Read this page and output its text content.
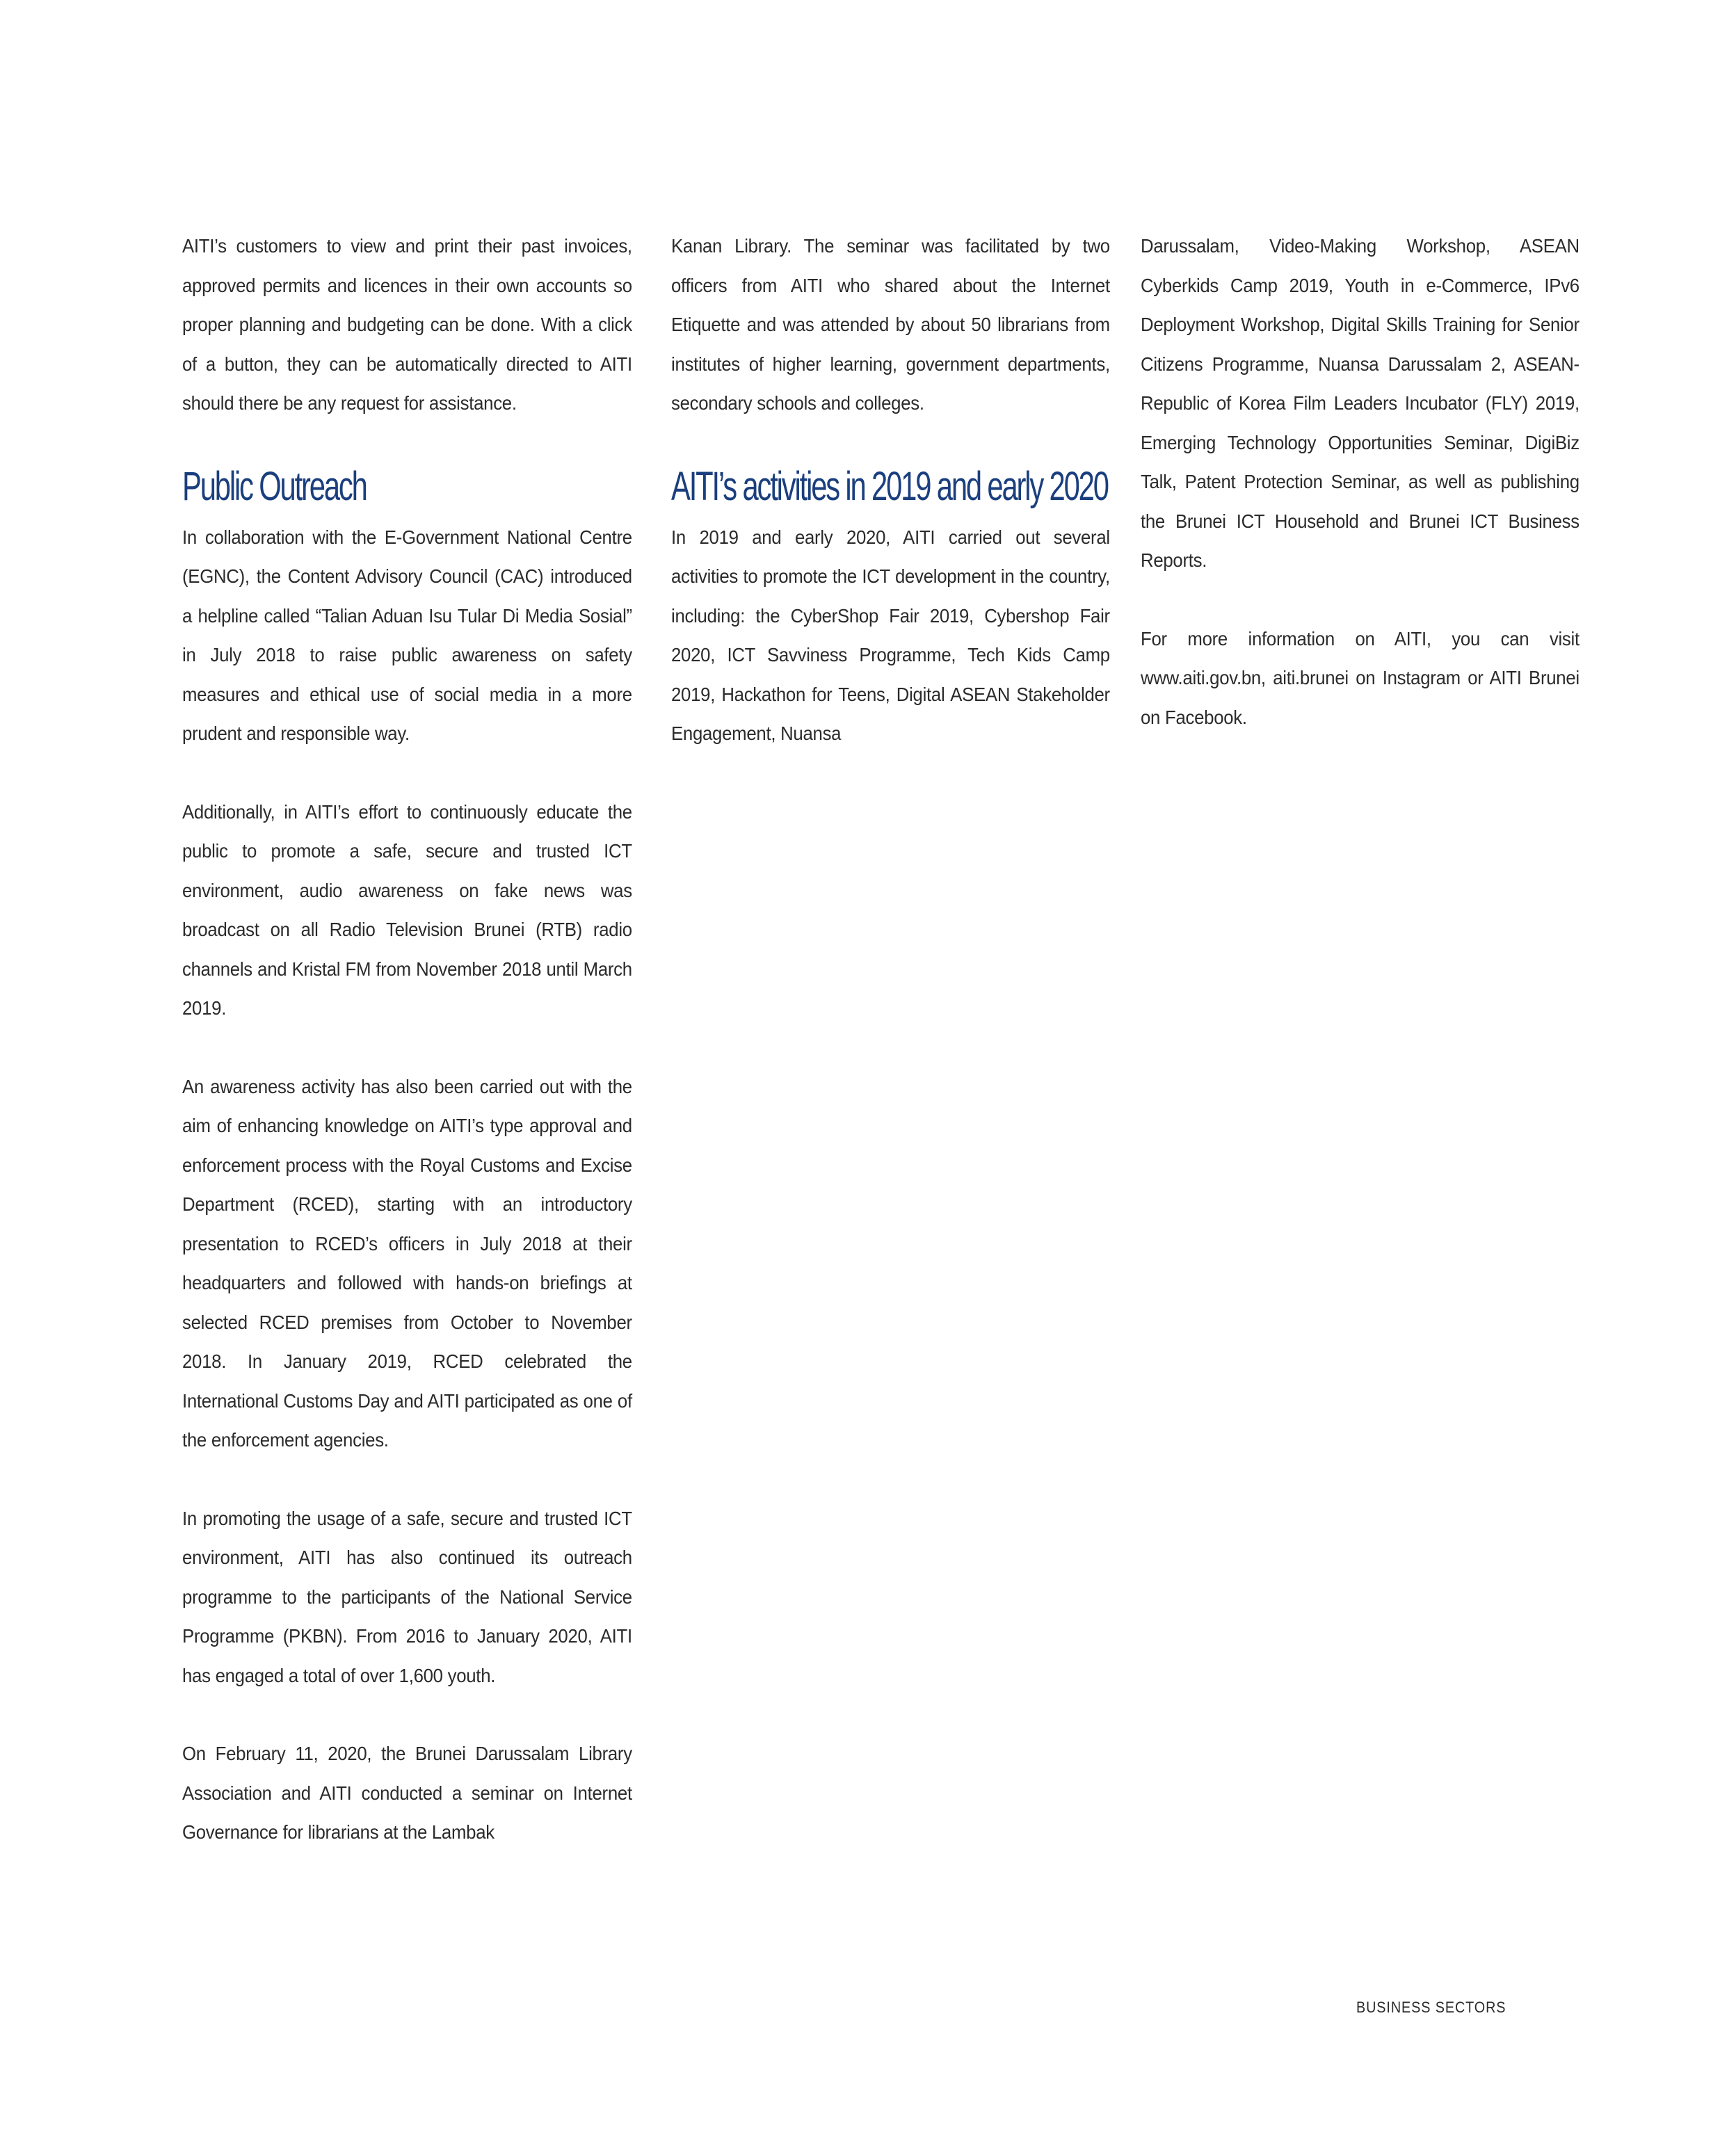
AITI’s customers to view and print their past invoices, approved permits and licences in their own accounts so proper planning and budgeting can be done. With a click of a button, they can be automatically directed to AITI should there be any request for assistance.

Public Outreach

In collaboration with the E-Government National Centre (EGNC), the Content Advisory Council (CAC) introduced a helpline called “Talian Aduan Isu Tular Di Media Sosial” in July 2018 to raise public awareness on safety measures and ethical use of social media in a more prudent and responsible way.

Additionally, in AITI’s effort to continuously educate the public to promote a safe, secure and trusted ICT environment, audio awareness on fake news was broadcast on all Radio Television Brunei (RTB) radio channels and Kristal FM from November 2018 until March 2019.

An awareness activity has also been carried out with the aim of enhancing knowledge on AITI’s type approval and enforcement process with the Royal Customs and Excise Department (RCED), starting with an introductory presentation to RCED’s officers in July 2018 at their headquarters and followed with hands-on briefings at selected RCED premises from October to November 2018. In January 2019, RCED celebrated the International Customs Day and AITI participated as one of the enforcement agencies.

In promoting the usage of a safe, secure and trusted ICT environment, AITI has also continued its outreach programme to the participants of the National Service Programme (PKBN). From 2016 to January 2020, AITI has engaged a total of over 1,600 youth.

On February 11, 2020, the Brunei Darussalam Library Association and AITI conducted a seminar on Internet Governance for librarians at the Lambak

Kanan Library. The seminar was facilitated by two officers from AITI who shared about the Internet Etiquette and was attended by about 50 librarians from institutes of higher learning, government departments, secondary schools and colleges.

AITI’s activities in 2019 and early 2020

In 2019 and early 2020, AITI carried out several activities to promote the ICT development in the country, including: the CyberShop Fair 2019, Cybershop Fair 2020, ICT Savviness Programme, Tech Kids Camp 2019, Hackathon for Teens, Digital ASEAN Stakeholder Engagement, Nuansa

Darussalam, Video-Making Workshop, ASEAN Cyberkids Camp 2019, Youth in e-Commerce, IPv6 Deployment Workshop, Digital Skills Training for Senior Citizens Programme, Nuansa Darussalam 2, ASEAN-Republic of Korea Film Leaders Incubator (FLY) 2019, Emerging Technology Opportunities Seminar, DigiBiz Talk, Patent Protection Seminar, as well as publishing the Brunei ICT Household and Brunei ICT Business Reports.

For more information on AITI, you can visit www.aiti.gov.bn, aiti.brunei on Instagram or AITI Brunei on Facebook.

BUSINESS SECTORS
